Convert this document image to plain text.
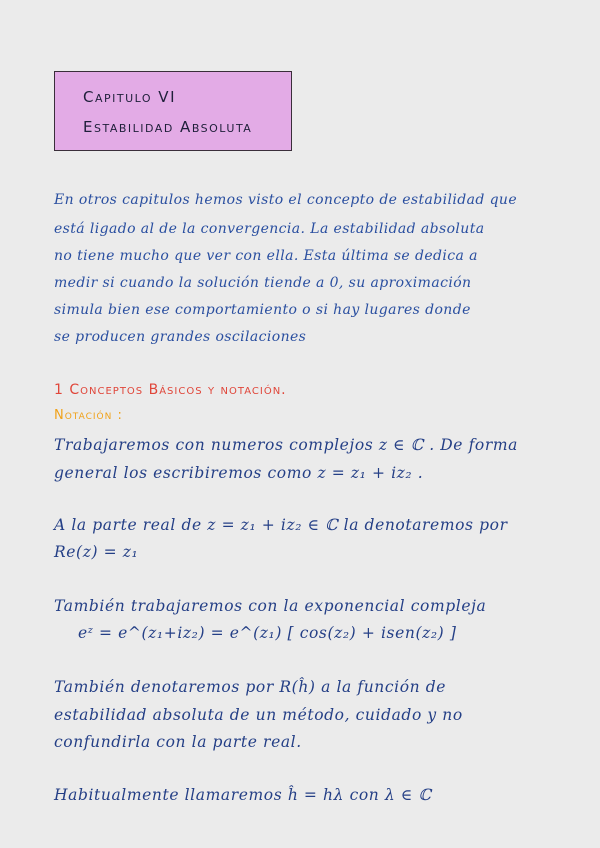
Capitulo VI
Estabilidad Absoluta
En otros capitulos hemos visto el concepto de estabilidad que
está ligado al de la convergencia. La estabilidad absoluta
no tiene mucho que ver con ella. Esta última se dedica a
medir si cuando la solución tiende a 0, su aproximación
simula bien ese comportamiento o si hay lugares donde
se producen grandes oscilaciones
1 Conceptos Básicos y notación.
Notación :
Trabajaremos con numeros complejos z ∈ ℂ . De forma
general los escribiremos como z = z₁ + iz₂ .
A la parte real de z = z₁ + iz₂ ∈ ℂ la denotaremos por
Re(z) = z₁
También trabajaremos con la exponencial compleja
eᶻ = e^(z₁+iz₂) = e^(z₁) [ cos(z₂) + isen(z₂) ]
También denotaremos por R(ĥ) a la función de
estabilidad absoluta de un método, cuidado y no
confundirla con la parte real.
Habitualmente llamaremos ĥ = hλ con λ ∈ ℂ
